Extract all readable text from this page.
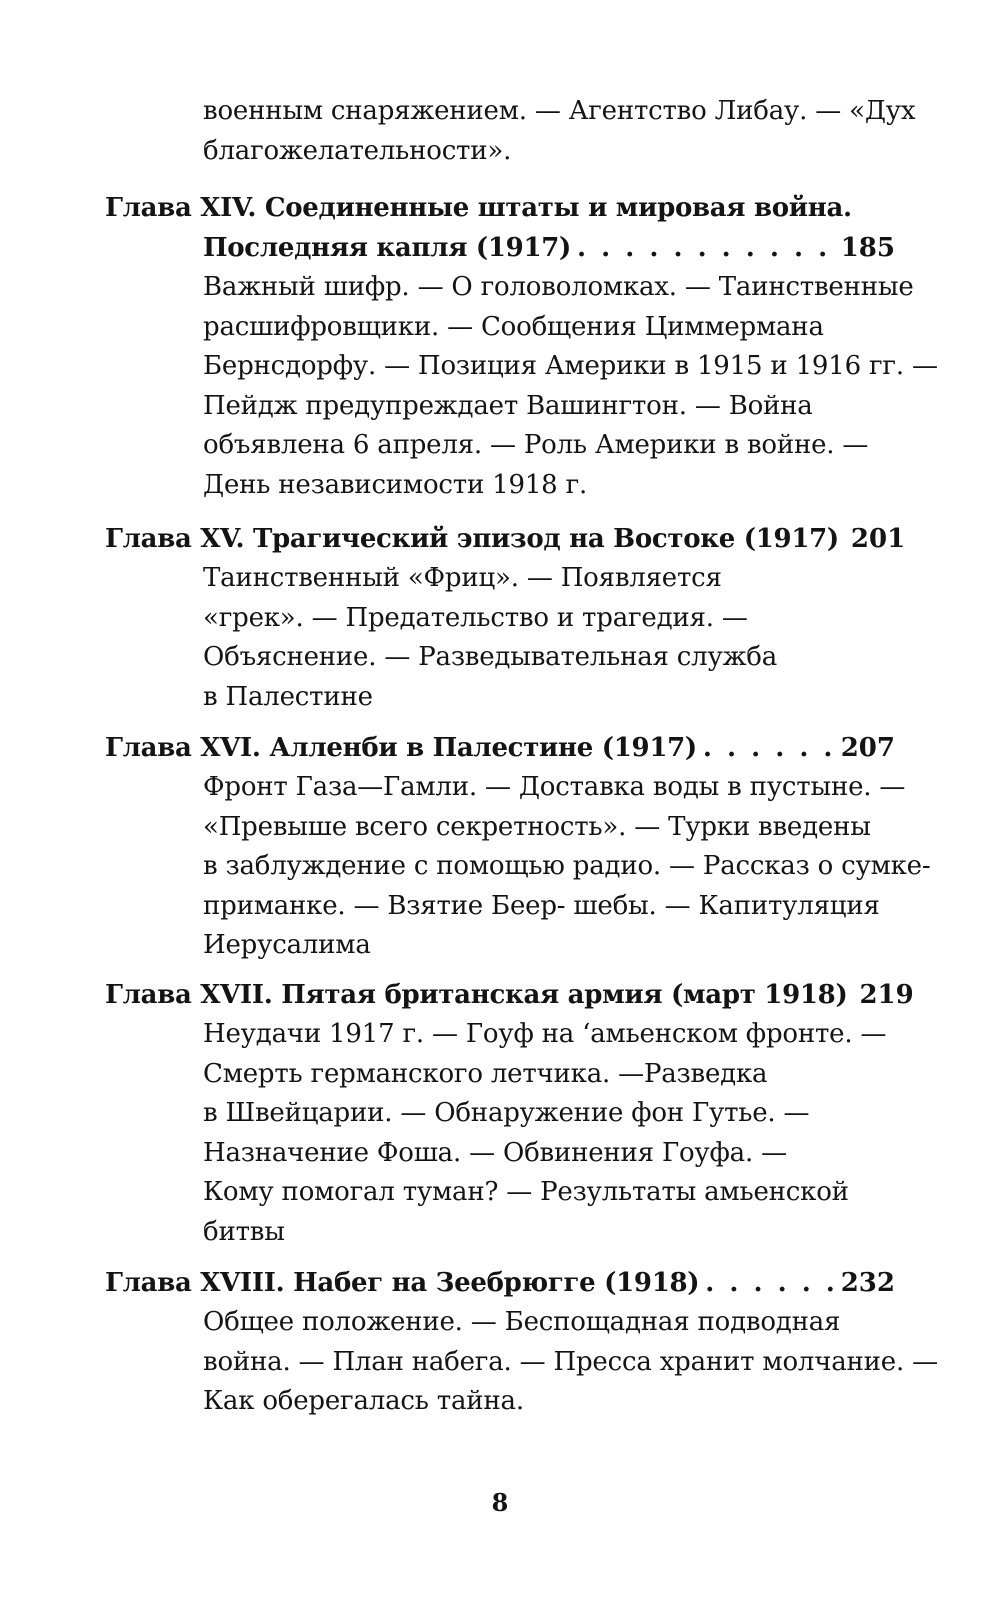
военным снаряжением. — Агентство Либау. — «Дух
благожелательности».
Глава XIV. Соединенные штаты и мировая война.
Последняя капля (1917) . . .	185
Важный шифр. — О головоломках. — Таинственные
расшифровщики. — Сообщения Циммермана
Бернсдорфу. — Позиция Америки в 1915 и 1916 гг. —
Пейдж предупреждает Вашингтон. — Война
объявлена 6 апреля. — Роль Америки в войне. —
День независимости 1918 г.
Глава XV. Трагический эпизод на Востоке (1917) 201
Таинственный «Фриц». — Появляется
«грек». — Предательство и трагедия. —
Объяснение. — Разведывательная служба
в Палестине
Глава XVI. Алленби в Палестине (1917) . . .	207
Фронт Газа—Гамли. — Доставка воды в пустыне. —
«Превыше всего секретность». — Турки введены
в заблуждение с помощью радио. — Рассказ о сумке-
приманке. — Взятие Беер- шебы. — Капитуляция
Иерусалима
Глава XVII. Пятая британская армия (март 1918) 219
Неудачи 1917 г. — Гоуф на ‘амьенском фронте. —
Смерть германского летчика. —Разведка
в Швейцарии. — Обнаружение фон Гутье. —
Назначение Фоша. — Обвинения Гоуфа. —
Кому помогал туман? — Результаты амьенской
битвы
Глава XVIII. Набег на Зеебрюгге (1918) . . .	232
Общее положение. — Беспощадная подводная
война. — План набега. — Пресса хранит молчание. —
Как оберегалась тайна.
8
